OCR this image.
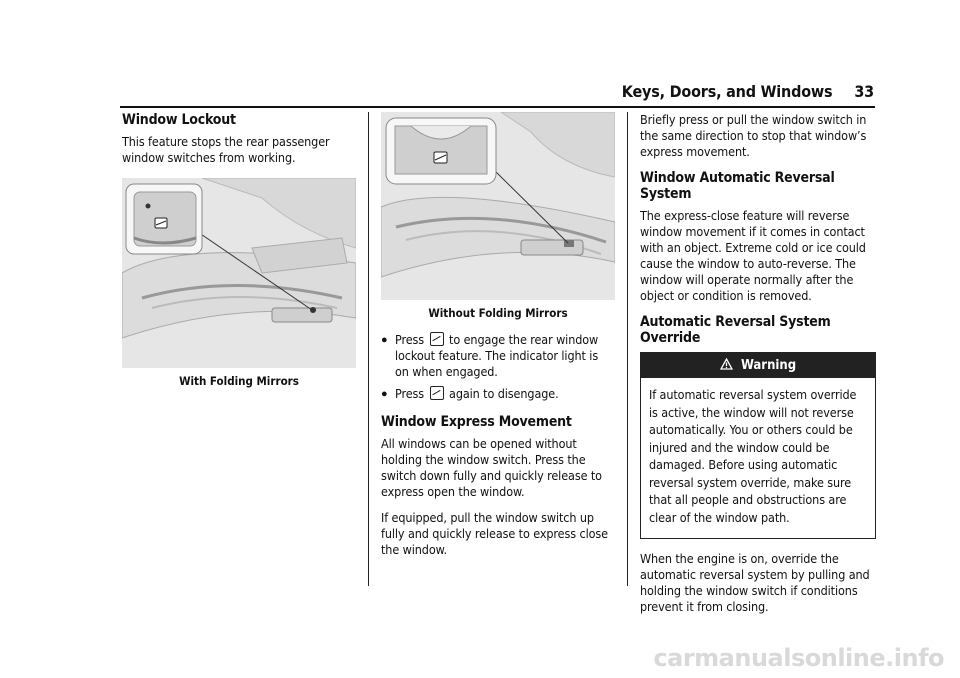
Keys, Doors, and Windows 33
Window Lockout

This feature stops the rear passenger window switches from working.

With Folding Mirrors
Without Folding Mirrors
● Press to engage the rear window lockout feature. The indicator light is on when engaged.

● Press again to disengage.

Window Express Movement

All windows can be opened without holding the window switch. Press the switch down fully and quickly release to express open the window.

If equipped, pull the window switch up fully and quickly release to express close the window.

Briefly press or pull the window switch in the same direction to stop that window’s express movement.

Window Automatic Reversal System

The express-close feature will reverse window movement if it comes in contact with an object. Extreme cold or ice could cause the window to auto-reverse. The window will operate normally after the object or condition is removed.

Automatic Reversal System Override
Warning

If automatic reversal system override is active, the window will not reverse automatically. You or others could be injured and the window could be damaged. Before using automatic reversal system override, make sure that all people and obstructions are clear of the window path.

When the engine is on, override the automatic reversal system by pulling and holding the window switch if conditions prevent it from closing.

carmanualsonline.info
